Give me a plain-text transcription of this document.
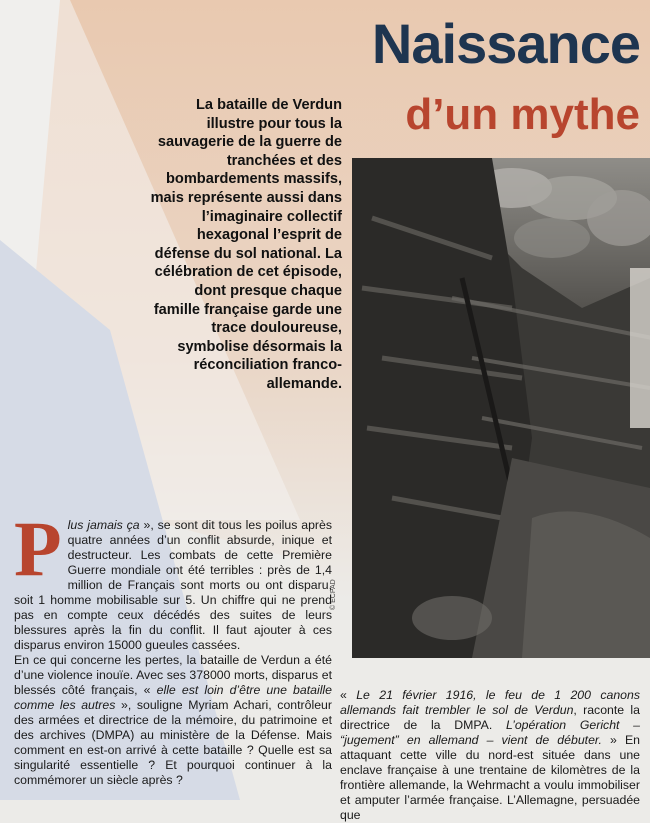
Naissance
d’un mythe
La bataille de Verdun illustre pour tous la sauvagerie de la guerre de tranchées et des bombardements massifs, mais représente aussi dans l’imaginaire collectif hexagonal l’esprit de défense du sol national. La célébration de cet épisode, dont presque chaque famille française garde une trace douloureuse, symbolise désormais la réconciliation franco-allemande.
© ECPAD
P lus jamais ça », se sont dit tous les poilus après quatre années d’un conflit absurde, inique et destructeur. Les combats de cette Première Guerre mondiale ont été terribles : près de 1,4 million de Français sont morts ou ont disparu, soit 1 homme mobilisable sur 5. Un chiffre qui ne prend pas en compte ceux décédés des suites de leurs blessures après la fin du conflit. Il faut ajouter à ces disparus environ 15000 gueules cassées.

En ce qui concerne les pertes, la bataille de Verdun a été d’une violence inouïe. Avec ses 378000 morts, disparus et blessés côté français, « elle est loin d’être une bataille comme les autres », souligne Myriam Achari, contrôleur des armées et directrice de la mémoire, du patrimoine et des archives (DMPA) au ministère de la Défense. Mais comment en est-on arrivé à cette bataille ? Quelle est sa singularité essentielle ? Et pourquoi continuer à la commémorer un siècle après ?

« Le 21 février 1916, le feu de 1 200 canons allemands fait trembler le sol de Verdun, raconte la directrice de la DMPA. L’opération Gericht – “jugement” en allemand – vient de débuter. » En attaquant cette ville du nord-est située dans une enclave française à une trentaine de kilomètres de la frontière allemande, la Wehrmacht a voulu immobiliser et amputer l’armée française. L’Allemagne, persuadée que
